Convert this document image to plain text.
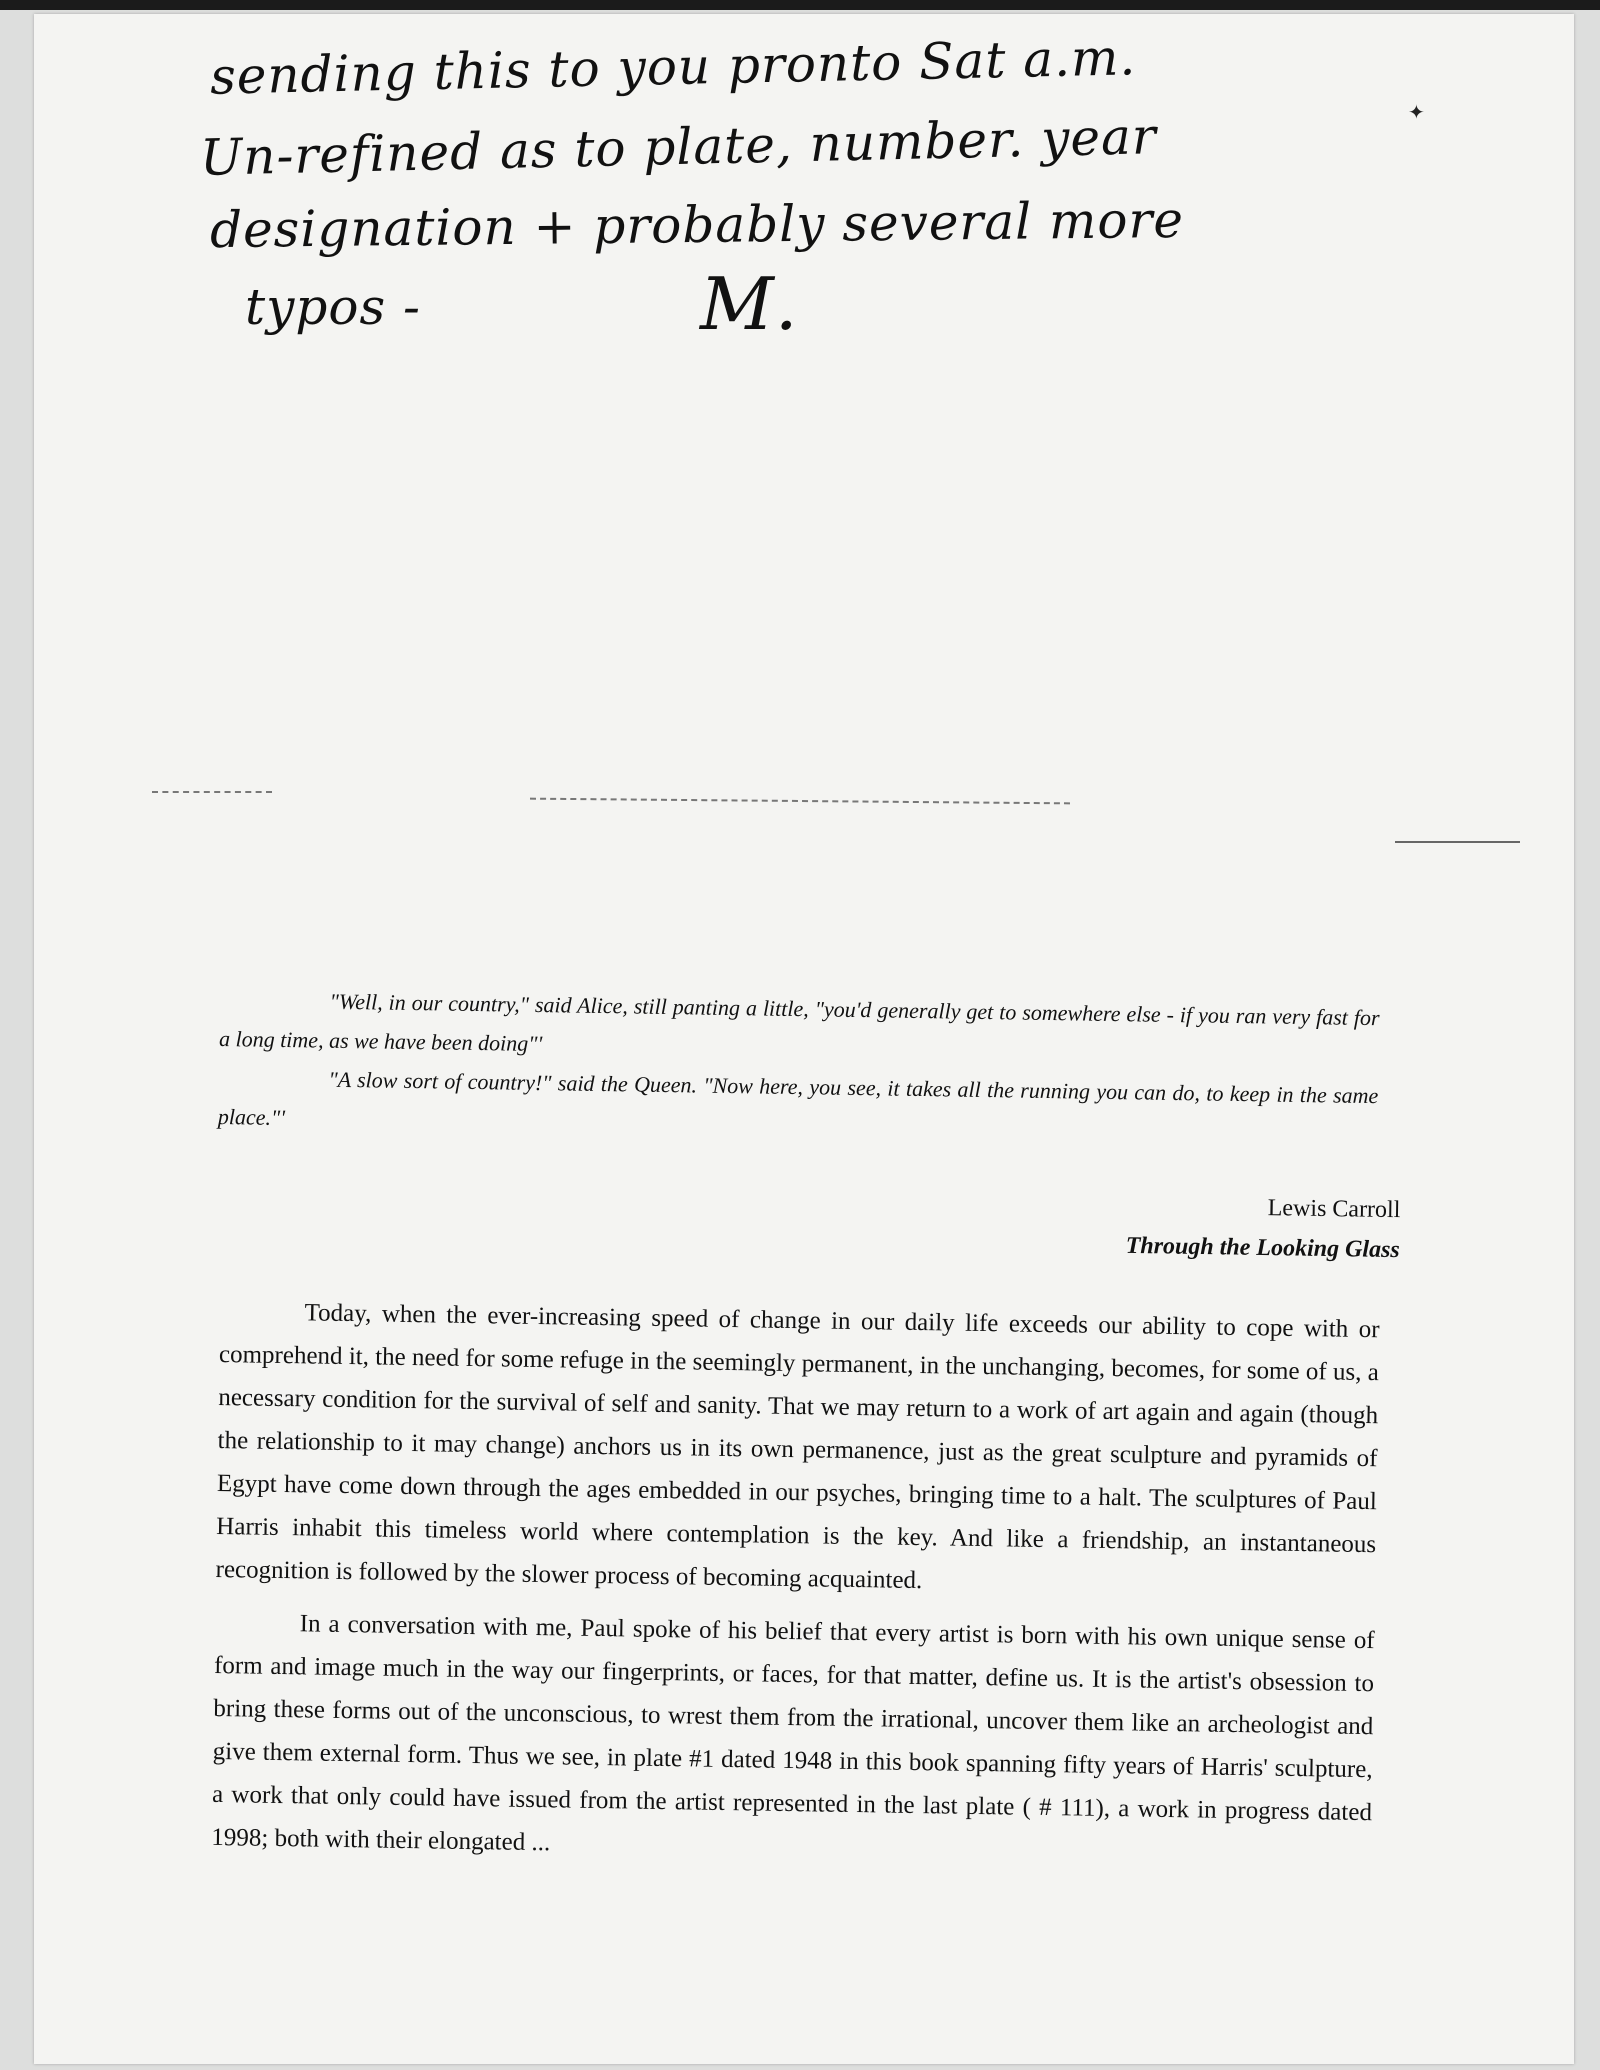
sending this to you pronto Sat a.m.
Un-refined as to plate, number. year
designation + probably several more
typos -	M.
✦

"Well, in our country," said Alice, still panting a little, "you'd generally get to somewhere else - if you ran very fast for a long time, as we have been doing"'

"A slow sort of country!" said the Queen. "Now here, you see, it takes all the running you can do, to keep in the same place."'

Lewis Carroll
Through the Looking Glass

Today, when the ever-increasing speed of change in our daily life exceeds our ability to cope with or comprehend it, the need for some refuge in the seemingly permanent, in the unchanging, becomes, for some of us, a necessary condition for the survival of self and sanity. That we may return to a work of art again and again (though the relationship to it may change) anchors us in its own permanence, just as the great sculpture and pyramids of Egypt have come down through the ages embedded in our psyches, bringing time to a halt. The sculptures of Paul Harris inhabit this timeless world where contemplation is the key. And like a friendship, an instantaneous recognition is followed by the slower process of becoming acquainted.

In a conversation with me, Paul spoke of his belief that every artist is born with his own unique sense of form and image much in the way our fingerprints, or faces, for that matter, define us. It is the artist's obsession to bring these forms out of the unconscious, to wrest them from the irrational, uncover them like an archeologist and give them external form. Thus we see, in plate #1 dated 1948 in this book spanning fifty years of Harris' sculpture, a work that only could have issued from the artist represented in the last plate ( # 111), a work in progress dated 1998; both with their elongated ...
